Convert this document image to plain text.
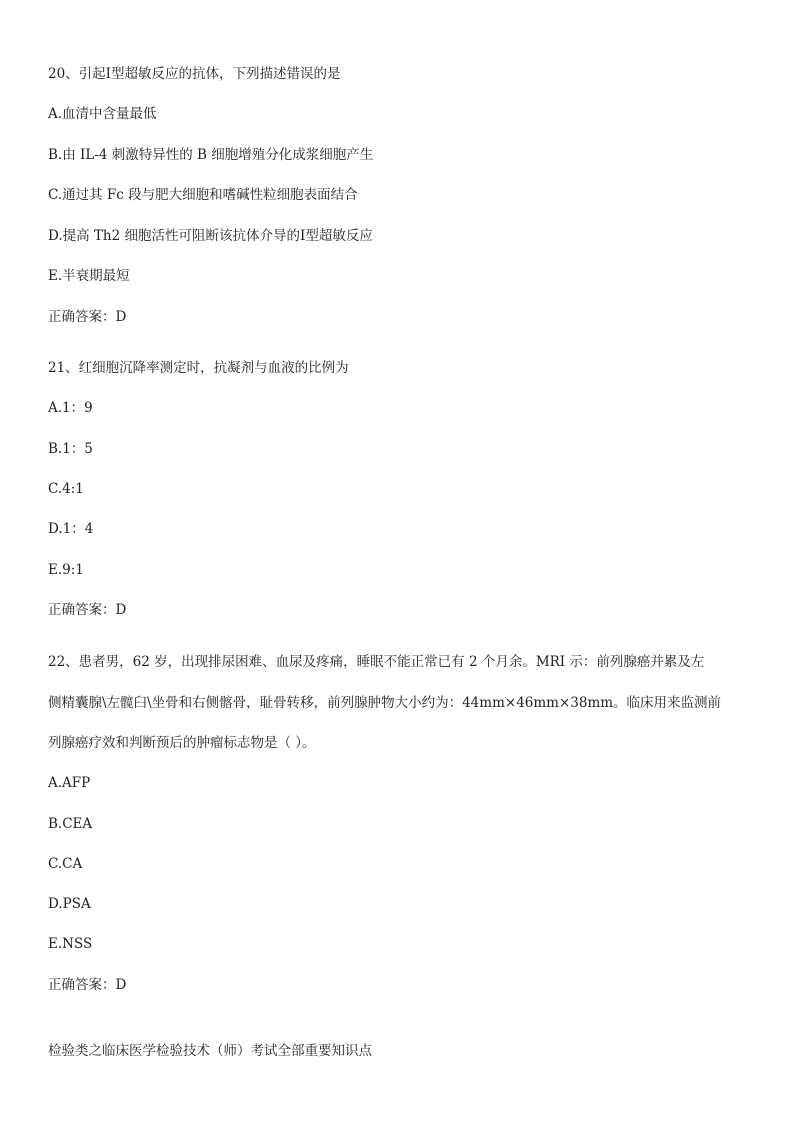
20、引起Ⅰ型超敏反应的抗体，下列描述错误的是
A.血清中含量最低
B.由 IL-4 刺激特异性的 B 细胞增殖分化成浆细胞产生
C.通过其 Fc 段与肥大细胞和嗜碱性粒细胞表面结合
D.提高 Th2 细胞活性可阻断该抗体介导的Ⅰ型超敏反应
E.半衰期最短
正确答案：D
21、红细胞沉降率测定时，抗凝剂与血液的比例为
A.1：9
B.1：5
C.4:1
D.1：4
E.9:1
正确答案：D
22、患者男，62 岁，出现排尿困难、血尿及疼痛，睡眠不能正常已有 2 个月余。MRI 示：前列腺癌并累及左
侧精囊腺\左髋臼\坐骨和右侧髂骨，耻骨转移，前列腺肿物大小约为：44mm×46mm×38mm。临床用来监测前
列腺癌疗效和判断预后的肿瘤标志物是（ ）。
A.AFP
B.CEA
C.CA
D.PSA
E.NSS
正确答案：D
检验类之临床医学检验技术（师）考试全部重要知识点
